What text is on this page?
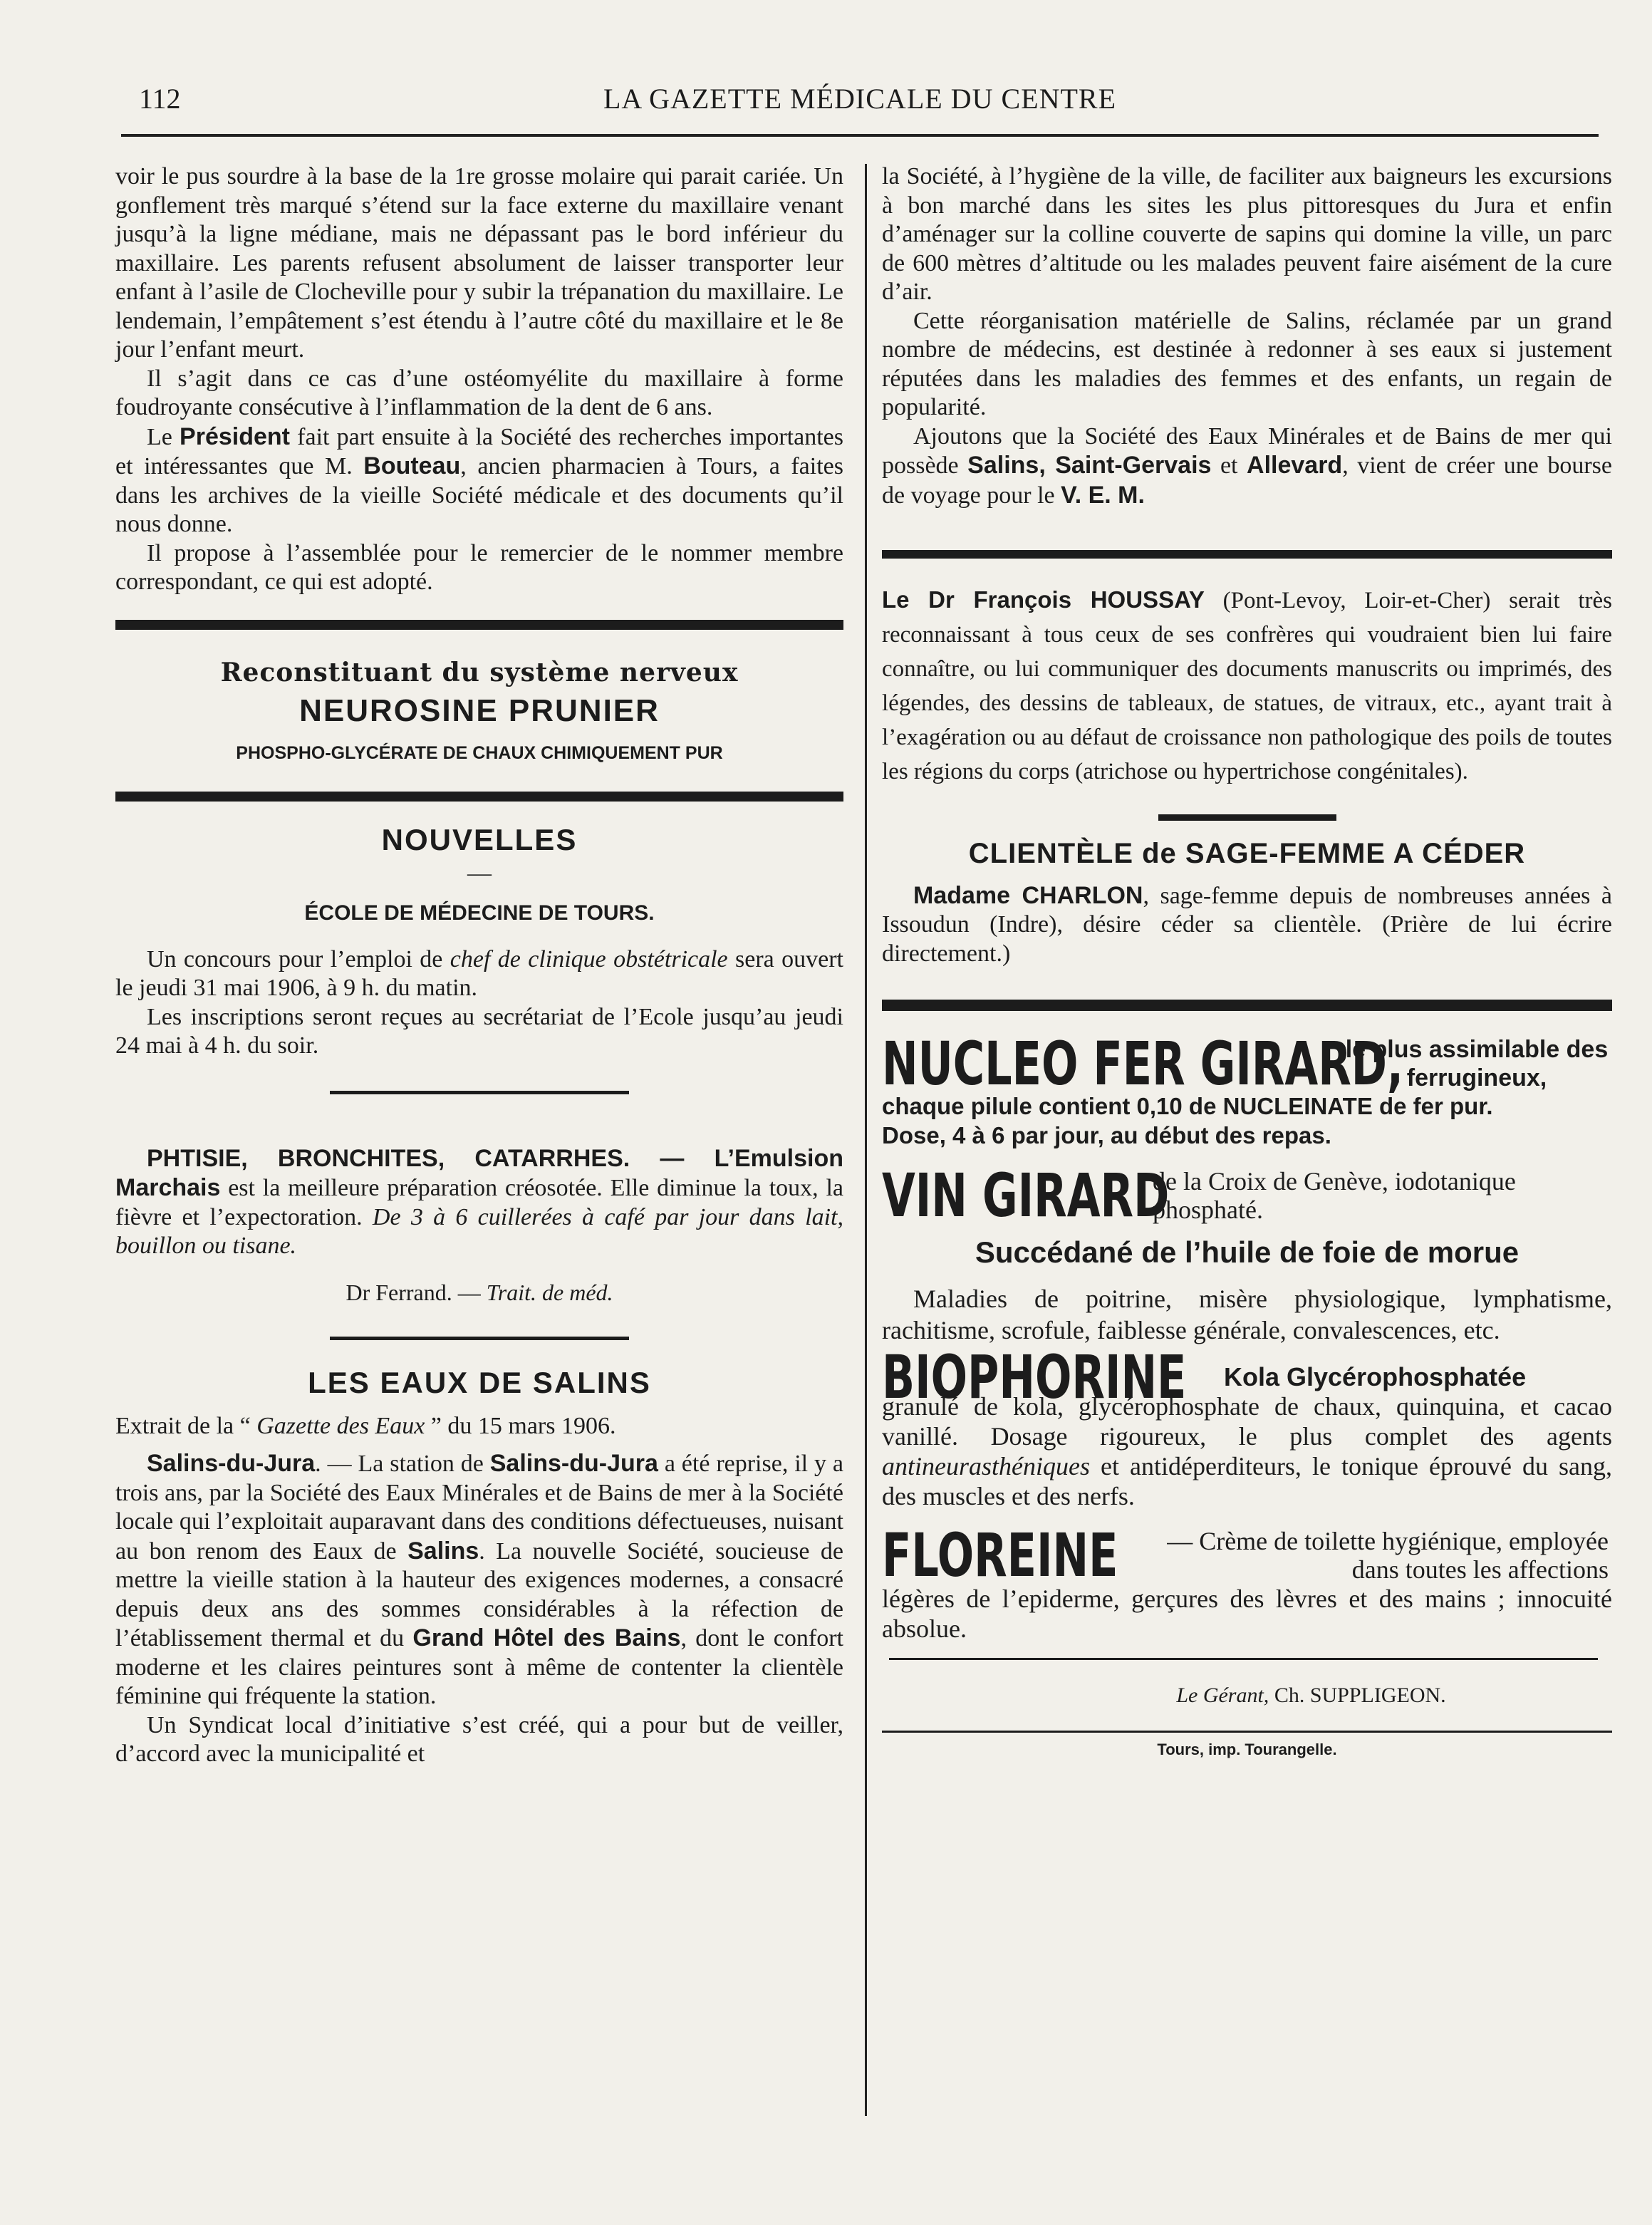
112	LA GAZETTE MÉDICALE DU CENTRE

voir le pus sourdre à la base de la 1re grosse molaire qui parait cariée. Un gonflement très marqué s’étend sur la face externe du maxillaire venant jusqu’à la ligne médiane, mais ne dépassant pas le bord inférieur du maxillaire. Les parents refusent absolument de laisser transporter leur enfant à l’asile de Clocheville pour y subir la trépanation du maxillaire. Le lendemain, l’empâtement s’est étendu à l’autre côté du maxillaire et le 8e jour l’enfant meurt.

Il s’agit dans ce cas d’une ostéomyélite du maxillaire à forme foudroyante consécutive à l’inflammation de la dent de 6 ans.

Le Président fait part ensuite à la Société des recherches importantes et intéressantes que M. Bouteau, ancien pharmacien à Tours, a faites dans les archives de la vieille Société médicale et des documents qu’il nous donne.

Il propose à l’assemblée pour le remercier de le nommer membre correspondant, ce qui est adopté.

Reconstituant du système nerveux
NEUROSINE PRUNIER
PHOSPHO-GLYCÉRATE DE CHAUX CHIMIQUEMENT PUR
NOUVELLES
—
ÉCOLE DE MÉDECINE DE TOURS.

Un concours pour l’emploi de chef de clinique obstétricale sera ouvert le jeudi 31 mai 1906, à 9 h. du matin.

Les inscriptions seront reçues au secrétariat de l’Ecole jusqu’au jeudi 24 mai à 4 h. du soir.

PHTISIE, BRONCHITES, CATARRHES. — L’Emulsion Marchais est la meilleure préparation créosotée. Elle diminue la toux, la fièvre et l’expectoration. De 3 à 6 cuillerées à café par jour dans lait, bouillon ou tisane.

Dr Ferrand. — Trait. de méd.
LES EAUX DE SALINS

Extrait de la “ Gazette des Eaux ” du 15 mars 1906.

Salins-du-Jura. — La station de Salins-du-Jura a été reprise, il y a trois ans, par la Société des Eaux Minérales et de Bains de mer à la Société locale qui l’exploitait auparavant dans des conditions défectueuses, nuisant au bon renom des Eaux de Salins. La nouvelle Société, soucieuse de mettre la vieille station à la hauteur des exigences modernes, a consacré depuis deux ans des sommes considérables à la réfection de l’établissement thermal et du Grand Hôtel des Bains, dont le confort moderne et les claires peintures sont à même de contenter la clientèle féminine qui fréquente la station.

Un Syndicat local d’initiative s’est créé, qui a pour but de veiller, d’accord avec la municipalité et

la Société, à l’hygiène de la ville, de faciliter aux baigneurs les excursions à bon marché dans les sites les plus pittoresques du Jura et enfin d’aménager sur la colline couverte de sapins qui domine la ville, un parc de 600 mètres d’altitude ou les malades peuvent faire aisément de la cure d’air.

Cette réorganisation matérielle de Salins, réclamée par un grand nombre de médecins, est destinée à redonner à ses eaux si justement réputées dans les maladies des femmes et des enfants, un regain de popularité.

Ajoutons que la Société des Eaux Minérales et de Bains de mer qui possède Salins, Saint-Gervais et Allevard, vient de créer une bourse de voyage pour le V. E. M.

Le Dr François HOUSSAY (Pont-Levoy, Loir-et-Cher) serait très reconnaissant à tous ceux de ses confrères qui voudraient bien lui faire connaître, ou lui communiquer des documents manuscrits ou imprimés, des légendes, des dessins de tableaux, de statues, de vitraux, etc., ayant trait à l’exagération ou au défaut de croissance non pathologique des poils de toutes les régions du corps (atrichose ou hypertrichose congénitales).

CLIENTÈLE de SAGE-FEMME A CÉDER

Madame CHARLON, sage-femme depuis de nombreuses années à Issoudun (Indre), désire céder sa clientèle. (Prière de lui écrire directement.)

NUCLEO FER GIRARD,
le plus assimilable des ferrugineux,

chaque pilule contient 0,10 de NUCLEINATE de fer pur.

Dose, 4 à 6 par jour, au début des repas.

VIN GIRARD
de la Croix de Genève, iodotanique phosphaté.
Succédané de l’huile de foie de morue

Maladies de poitrine, misère physiologique, lymphatisme, rachitisme, scrofule, faiblesse générale, convalescences, etc.

BIOPHORINE Kola Glycérophosphatée

granulé de kola, glycérophosphate de chaux, quinquina, et cacao vanillé. Dosage rigoureux, le plus complet des agents antineurasthéniques et antidéperditeurs, le tonique éprouvé du sang, des muscles et des nerfs.

FLOREINE	— Crème de toilette hygiénique, employée dans toutes les affections

légères de l’epiderme, gerçures des lèvres et des mains ; innocuité absolue.

Le Gérant, Ch. SUPPLIGEON.
Tours, imp. Tourangelle.
